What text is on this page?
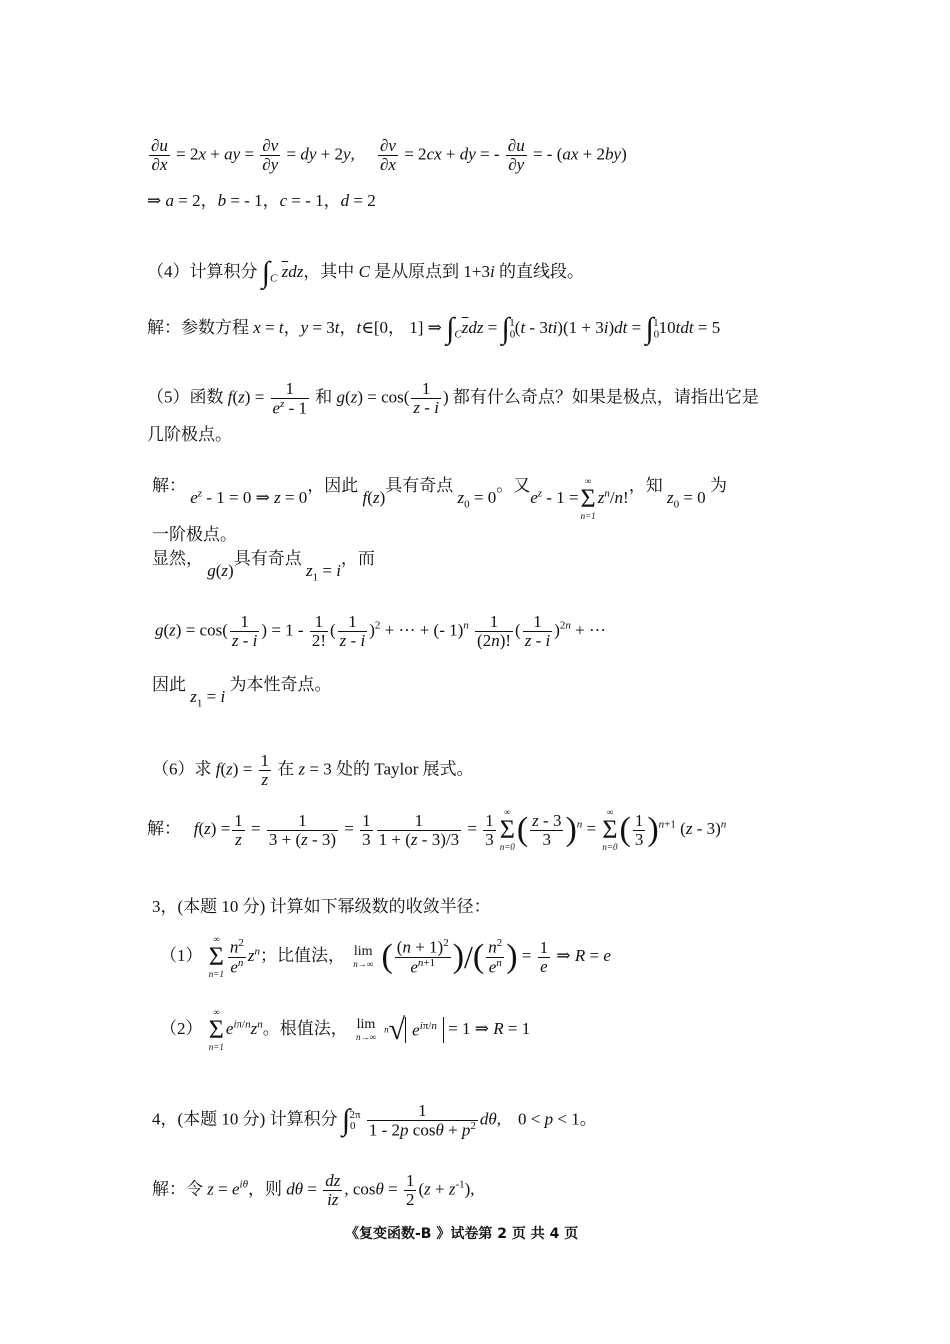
$\frac{\partial u}{\partial x} = 2x$ + ay = $\frac{\partial v}{\partial y}$ = dy + 2y, $\frac{\partial v}{\partial x} = 2cx$ + dy = - $\frac{\partial u}{\partial y}$ = - (ax + 2by)
⇒ a = 2，b = - 1，c = - 1，d = 2
（4）计算积分 $\int_C$ $\overline{z}dz$，其中 C 是从原点到 1+3i 的直线段。
解：参数方程 x = t，y = 3t，t∈[0， 1] ⇒ $\int_C\overline{z}dz = \int_0^1(t - 3ti)(1 + 3i)dt = \int_0^110tdt = 5$
（5）函数 $f(z) = \frac{1}{e^z - 1}$ 和 $g(z) = \cos( \frac{1}{z - i}$ ) 都有什么奇点？如果是极点，请指出它是
几阶极点。
解： $e^z - 1 = 0$ ⇒ z = 0，因此 f(z)具有奇点 $z_0 = 0$。又$e^z - 1$ =
∞
Σ
n=1
$z^n/n$!，知 $z_0 = 0$ 为
一阶极点。
显然， g(z)具有奇点 $z_1 = i$，而
$g(z) = \cos( \frac{1}{z - i}$ ) = $1 - \frac{1}{2!}$ ( $\frac{1}{z - i} )^2$ + ··· + (- $1)^n \frac{1}{(2n)!}$ ( $\frac{1}{z - i} )^{2n}$ + ···
因此 $z_1 = i$ 为本性奇点。
（6）求 $f(z) = \frac{1}{z}$ 在 z = 3 处的 Taylor 展式。
解： $f(z) = \frac{1}{z} = \frac{1}{3 + (z - 3)} = \frac{1}{3} \frac{1}{1 + (z - 3)/3} = \frac{1}{3}$ ∞
Σ
n=0 ( $\frac{z - 3}{3} )^n$ =
∞
Σ
n=0 ( $\frac{1}{3} )^{n+1}$ (z - 3)$^n$
3，(本题 10 分) 计算如下幂级数的收敛半径：
（1）
∞
Σ
$n=1 \frac{n^2}{e^n} z^n$；比值法， lim
n→∞ ( $\frac{(n + 1)^2}{e^{n+1}}$ )/( $\frac{n^2}{e^n}$ ) = $\frac{1}{e}$ ⇒ R = e
（2）
∞
Σ
n=1
$e^{i\pi/n}z^n$。根值法， lim
n→∞
n√ $e^{i\pi/n} = 1$ ⇒ R = 1
4，(本题 10 分) 计算积分 $\int_0^{2\pi} \frac{1}{1 - 2p \cos\theta + p^2} d\theta$,    0 < p < 1。
解：令 $z = e^{i\theta}$，则 $d\theta = \frac{dz}{iz}$ , $\cos\theta = \frac{1}{2} (z + z^{-1})$,
《复变函数-B 》试卷第 2 页 共 4 页
